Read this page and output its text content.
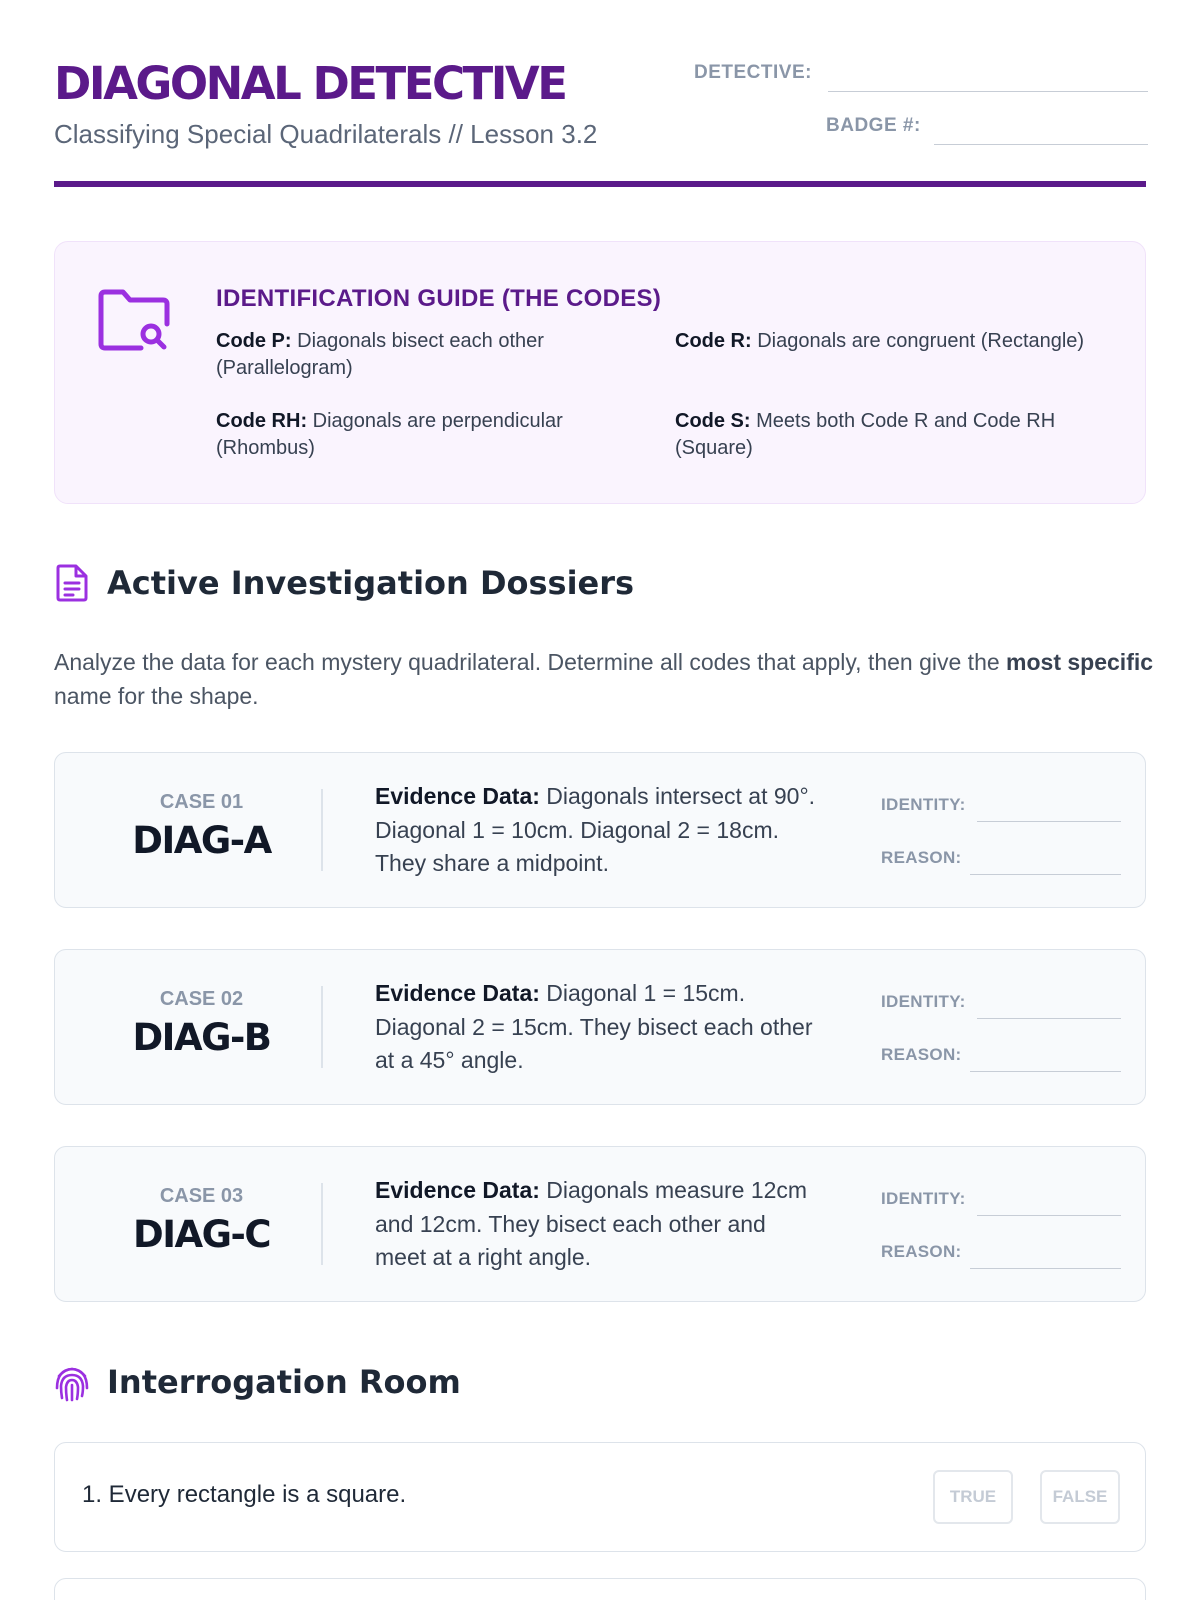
DIAGONAL DETECTIVE
Classifying Special Quadrilaterals // Lesson 3.2
DETECTIVE:
BADGE #:
IDENTIFICATION GUIDE (THE CODES)
Code P: Diagonals bisect each other (Parallelogram)
Code R: Diagonals are congruent (Rectangle)
Code RH: Diagonals are perpendicular (Rhombus)
Code S: Meets both Code R and Code RH (Square)
Active Investigation Dossiers

Analyze the data for each mystery quadrilateral. Determine all codes that apply, then give the most specific name for the shape.

CASE 01
DIAG-A
Evidence Data: Diagonals intersect at 90°. Diagonal 1 = 10cm. Diagonal 2 = 18cm. They share a midpoint.
IDENTITY:
REASON:
CASE 02
DIAG-B
Evidence Data: Diagonal 1 = 15cm. Diagonal 2 = 15cm. They bisect each other at a 45° angle.
IDENTITY:
REASON:
CASE 03
DIAG-C
Evidence Data: Diagonals measure 12cm and 12cm. They bisect each other and meet at a right angle.
IDENTITY:
REASON:
Interrogation Room
1. Every rectangle is a square.	TRUE	FALSE
